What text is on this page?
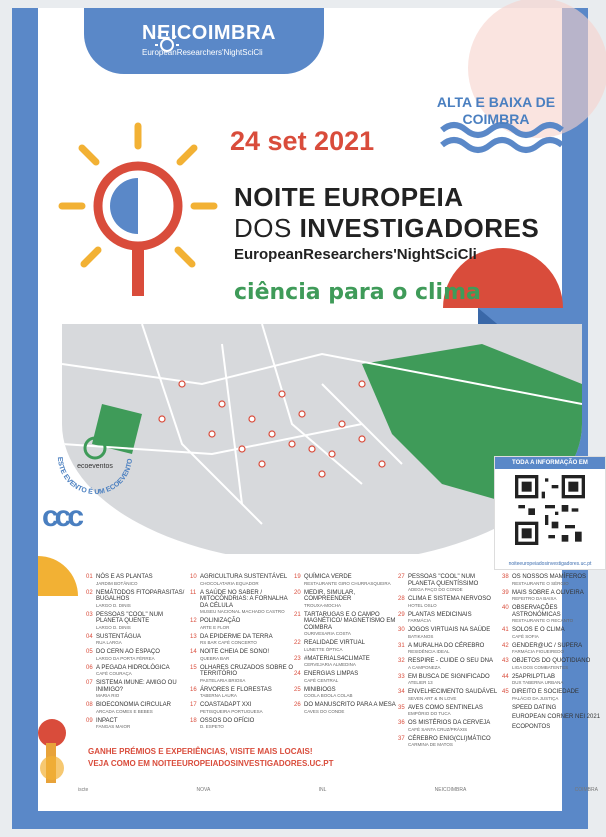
NEICOIMBRA
EuropeanResearchers'NightSciCli
ALTA E BAIXA DE COIMBRA
24 set 2021
NOITE EUROPEIA
DOS INVESTIGADORES
EuropeanResearchers'NightSciCli
ciência para o clima
ESTE EVENTO É UM ECOEVENTO
ecoeventos
ccc
TODA A INFORMAÇÃO EM
noiteeuropeiadosinvestigadores.uc.pt
01 NÓS E AS PLANTAS
JARDIM BOTÂNICO
02 NEMÁTODOS FITOPARASITAS/ BUGALHOS
LARGO D. DINIS
03 PESSOAS "COOL" NUM PLANETA QUENTE
LARGO D. DINIS
04 SUSTENTÁGUA
RUA LARGA
05 DO CERN AO ESPAÇO
LARGO DA PORTA FÉRREA
06 A PEGADA HIDROLÓGICA
CAFÉ COURAÇA
07 SISTEMA IMUNE: AMIGO OU INIMIGO?
MARIA RIO
08 BIOECONOMIA CIRCULAR
ARCADA COMES E BEBES
09 INPACT
FANGAS MAIOR
10 AGRICULTURA SUSTENTÁVEL
CHOCOLATARIA EQUADOR
11 A SAÚDE NO SABER / MITOCÔNDRIAS: A FORNALHA DA CÉLULA
MUSEU NACIONAL MACHADO CASTRO
12 POLINIZAÇÃO
ARTE E FLOR
13 DA EPIDERME DA TERRA
RS BAR CAFÉ CONCERTO
14 NOITE CHEIA DE SONO!
QUEBRA BAR
15 OLHARES CRUZADOS SOBRE O TERRITÓRIO
PASTELARIA BRIOSA
16 ÁRVORES E FLORESTAS
TABERNA LAURA
17 COASTADAPT XXI
PETISQUEIRA PORTUGUESA
18 OSSOS DO OFÍCIO
D. ESPETO
19 QUÍMICA VERDE
RESTAURANTE GIRO CHURRASQUEIRA
20 MEDIR, SIMULAR, COMPREENDER
TROUXA-MOCHA
21 TARTARUGAS E O CAMPO MAGNÉTICO/ MAGNETISMO EM COIMBRA
OURIVESARIA COSTA
22 REALIDADE VIRTUAL
LUNETTE ÓPTICA
23 #MATERIALS4CLIMATE
CERVEJARIA ALMEDINA
24 ENERGIAS LIMPAS
CAFÉ CENTRAL
25 MINIBIOGS
COOLA BOOLA COLAB
26 DO MANUSCRITO PARA A MESA
CAVES DO CONDE
27 PESSOAS "COOL" NUM PLANETA QUENTÍSSIMO
ADEGA PAÇO DO CONDE
28 CLIMA E SISTEMA NERVOSO
HOTEL OSLO
29 PLANTAS MEDICINAIS
FARMÁCIA
30 JOGOS VIRTUAIS NA SAÚDE
BATIKANOS
31 A MURALHA DO CÉREBRO
RESIDÊNCIA IDEAL
32 RESPIRE - CUIDE O SEU DNA
A CAMPONEZA
33 EM BUSCA DE SIGNIFICADO
ATELIER 13
34 ENVELHECIMENTO SAUDÁVEL
SEVEN ART & IN LOVE
35 AVES COMO SENTINELAS
EMPÓRIO DO TUCA
36 OS MISTÉRIOS DA CERVEJA
CAFÉ SANTA CRUZ/PRÁXIS
37 CÉREBRO ENIG(CLI)MÁTICO
CARMINA DE MATOS
38 OS NOSSOS MAMÍFEROS
RESTAURANTE O SÉRGIO
39 MAIS SOBRE A OLIVEIRA
REFEITRO DA BAIXA
40 OBSERVAÇÕES ASTRONÓMICAS
RESTAURANTE O RECANTO
41 SOLOS E O CLIMA
CAFÉ SOFIA
42 GENDER@UC / SUPERA
FARMÁCIA FIGUEIREDO
43 OBJETOS DO QUOTIDIANO
LIGA DOS COMBATENTES
44 25APRILPTLAB
DUX TABERNA URBANA
45 DIREITO E SOCIEDADE
PALÁCIO DA JUSTIÇA
SPEED DATING
EUROPEAN CORNER NEI 2021
ECOPONTOS
GANHE PRÉMIOS E EXPERIÊNCIAS, VISITE MAIS LOCAIS!
VEJA COMO EM NOITEEUROPEIADOSINVESTIGADORES.UC.PT
iscte	NOVA	INL	NEICOIMBRA	COIMBRA
